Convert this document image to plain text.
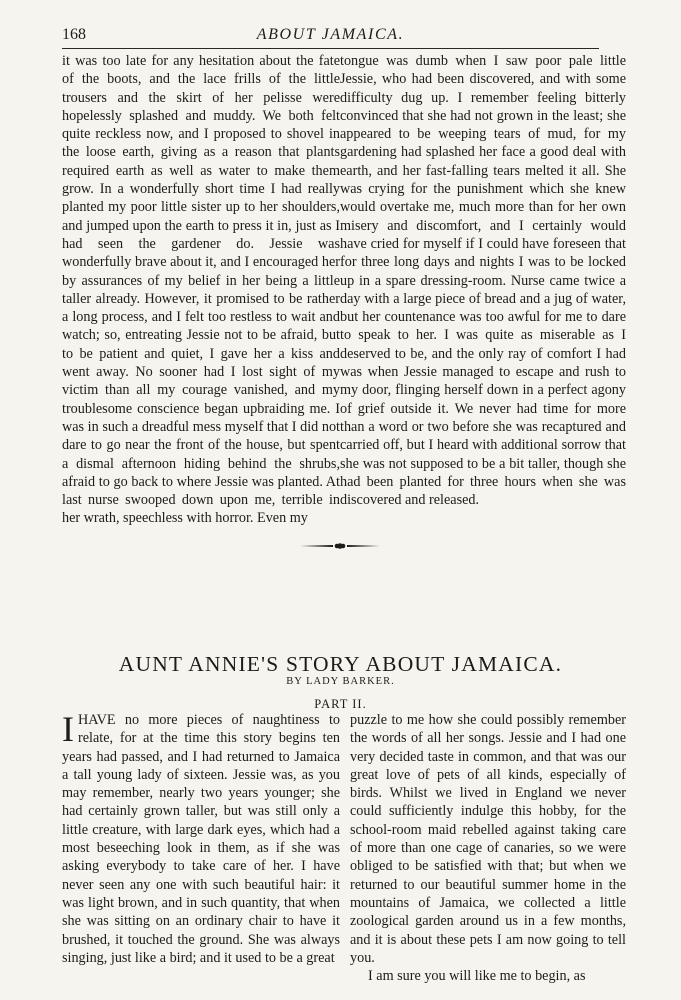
168	ABOUT JAMAICA.

it was too late for any hesitation about the fate of the boots, and the lace frills of the little trousers and the skirt of her pelisse were hopelessly splashed and muddy. We both felt quite reckless now, and I proposed to shovel in the loose earth, giving as a reason that plants required earth as well as water to make them grow. In a wonderfully short time I had really planted my poor little sister up to her shoulders, and jumped upon the earth to press it in, just as I had seen the gardener do. Jessie was wonderfully brave about it, and I encouraged her by assurances of my belief in her being a little taller already. However, it promised to be rather a long process, and I felt too restless to wait and watch; so, entreating Jessie not to be afraid, but to be patient and quiet, I gave her a kiss and went away. No sooner had I lost sight of my victim than all my courage vanished, and my troublesome conscience began upbraiding me. I was in such a dreadful mess myself that I did not dare to go near the front of the house, but spent a dismal afternoon hiding behind the shrubs, afraid to go back to where Jessie was planted. At last nurse swooped down upon me, terrible in her wrath, speechless with horror. Even my

tongue was dumb when I saw poor pale little Jessie, who had been discovered, and with some difficulty dug up. I remember feeling bitterly convinced that she had not grown in the least; she appeared to be weeping tears of mud, for my gardening had splashed her face a good deal with earth, and her fast-falling tears melted it all. She was crying for the punishment which she knew would overtake me, much more than for her own misery and discomfort, and I certainly would have cried for myself if I could have foreseen that for three long days and nights I was to be locked up in a spare dressing-room. Nurse came twice a day with a large piece of bread and a jug of water, but her countenance was too awful for me to dare to speak to her. I was quite as miserable as I deserved to be, and the only ray of comfort I had was when Jessie managed to escape and rush to my door, flinging herself down in a perfect agony of grief outside it. We never had time for more than a word or two before she was recaptured and carried off, but I heard with additional sorrow that she was not supposed to be a bit taller, though she had been planted for three hours when she was discovered and released.

AUNT ANNIE'S STORY ABOUT JAMAICA.
BY LADY BARKER.
PART II.

IHAVE no more pieces of naughtiness to relate, for at the time this story begins ten years had passed, and I had returned to Jamaica a tall young lady of sixteen. Jessie was, as you may remember, nearly two years younger; she had certainly grown taller, but was still only a little creature, with large dark eyes, which had a most beseeching look in them, as if she was asking everybody to take care of her. I have never seen any one with such beautiful hair: it was light brown, and in such quantity, that when she was sitting on an ordinary chair to have it brushed, it touched the ground. She was always singing, just like a bird; and it used to be a great

puzzle to me how she could possibly remember the words of all her songs. Jessie and I had one very decided taste in common, and that was our great love of pets of all kinds, especially of birds. Whilst we lived in England we never could sufficiently indulge this hobby, for the school-room maid rebelled against taking care of more than one cage of canaries, so we were obliged to be satisfied with that; but when we returned to our beautiful summer home in the mountains of Jamaica, we collected a little zoological garden around us in a few months, and it is about these pets I am now going to tell you.

I am sure you will like me to begin, as
